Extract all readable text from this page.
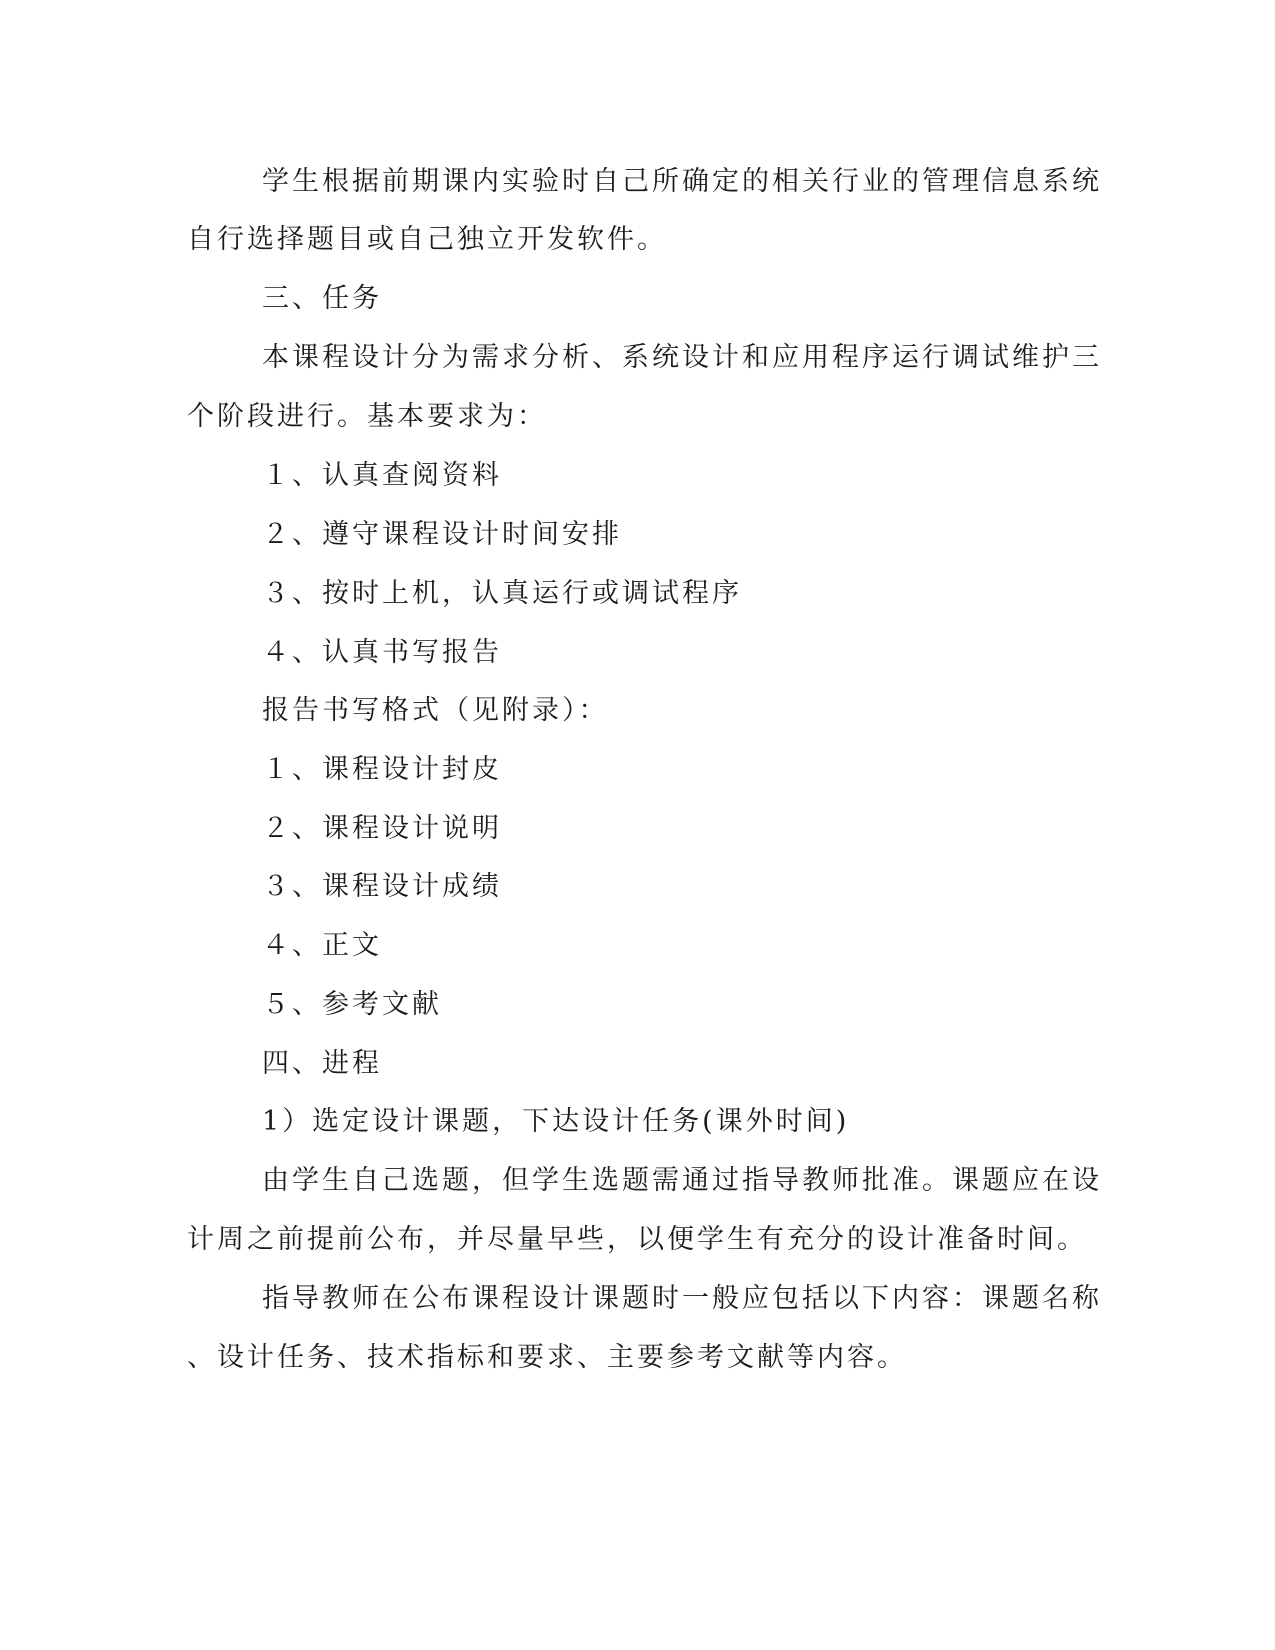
学生根据前期课内实验时自己所确定的相关行业的管理信息系统
自行选择题目或自己独立开发软件。
三、任务
本课程设计分为需求分析、系统设计和应用程序运行调试维护三
个阶段进行。基本要求为：
１、认真查阅资料
２、遵守课程设计时间安排
３、按时上机，认真运行或调试程序
４、认真书写报告
报告书写格式（见附录）：
１、课程设计封皮
２、课程设计说明
３、课程设计成绩
４、正文
５、参考文献
四、进程
1）选定设计课题，下达设计任务(课外时间)
由学生自己选题，但学生选题需通过指导教师批准。课题应在设
计周之前提前公布，并尽量早些，以便学生有充分的设计准备时间。
指导教师在公布课程设计课题时一般应包括以下内容：课题名称
、设计任务、技术指标和要求、主要参考文献等内容。
